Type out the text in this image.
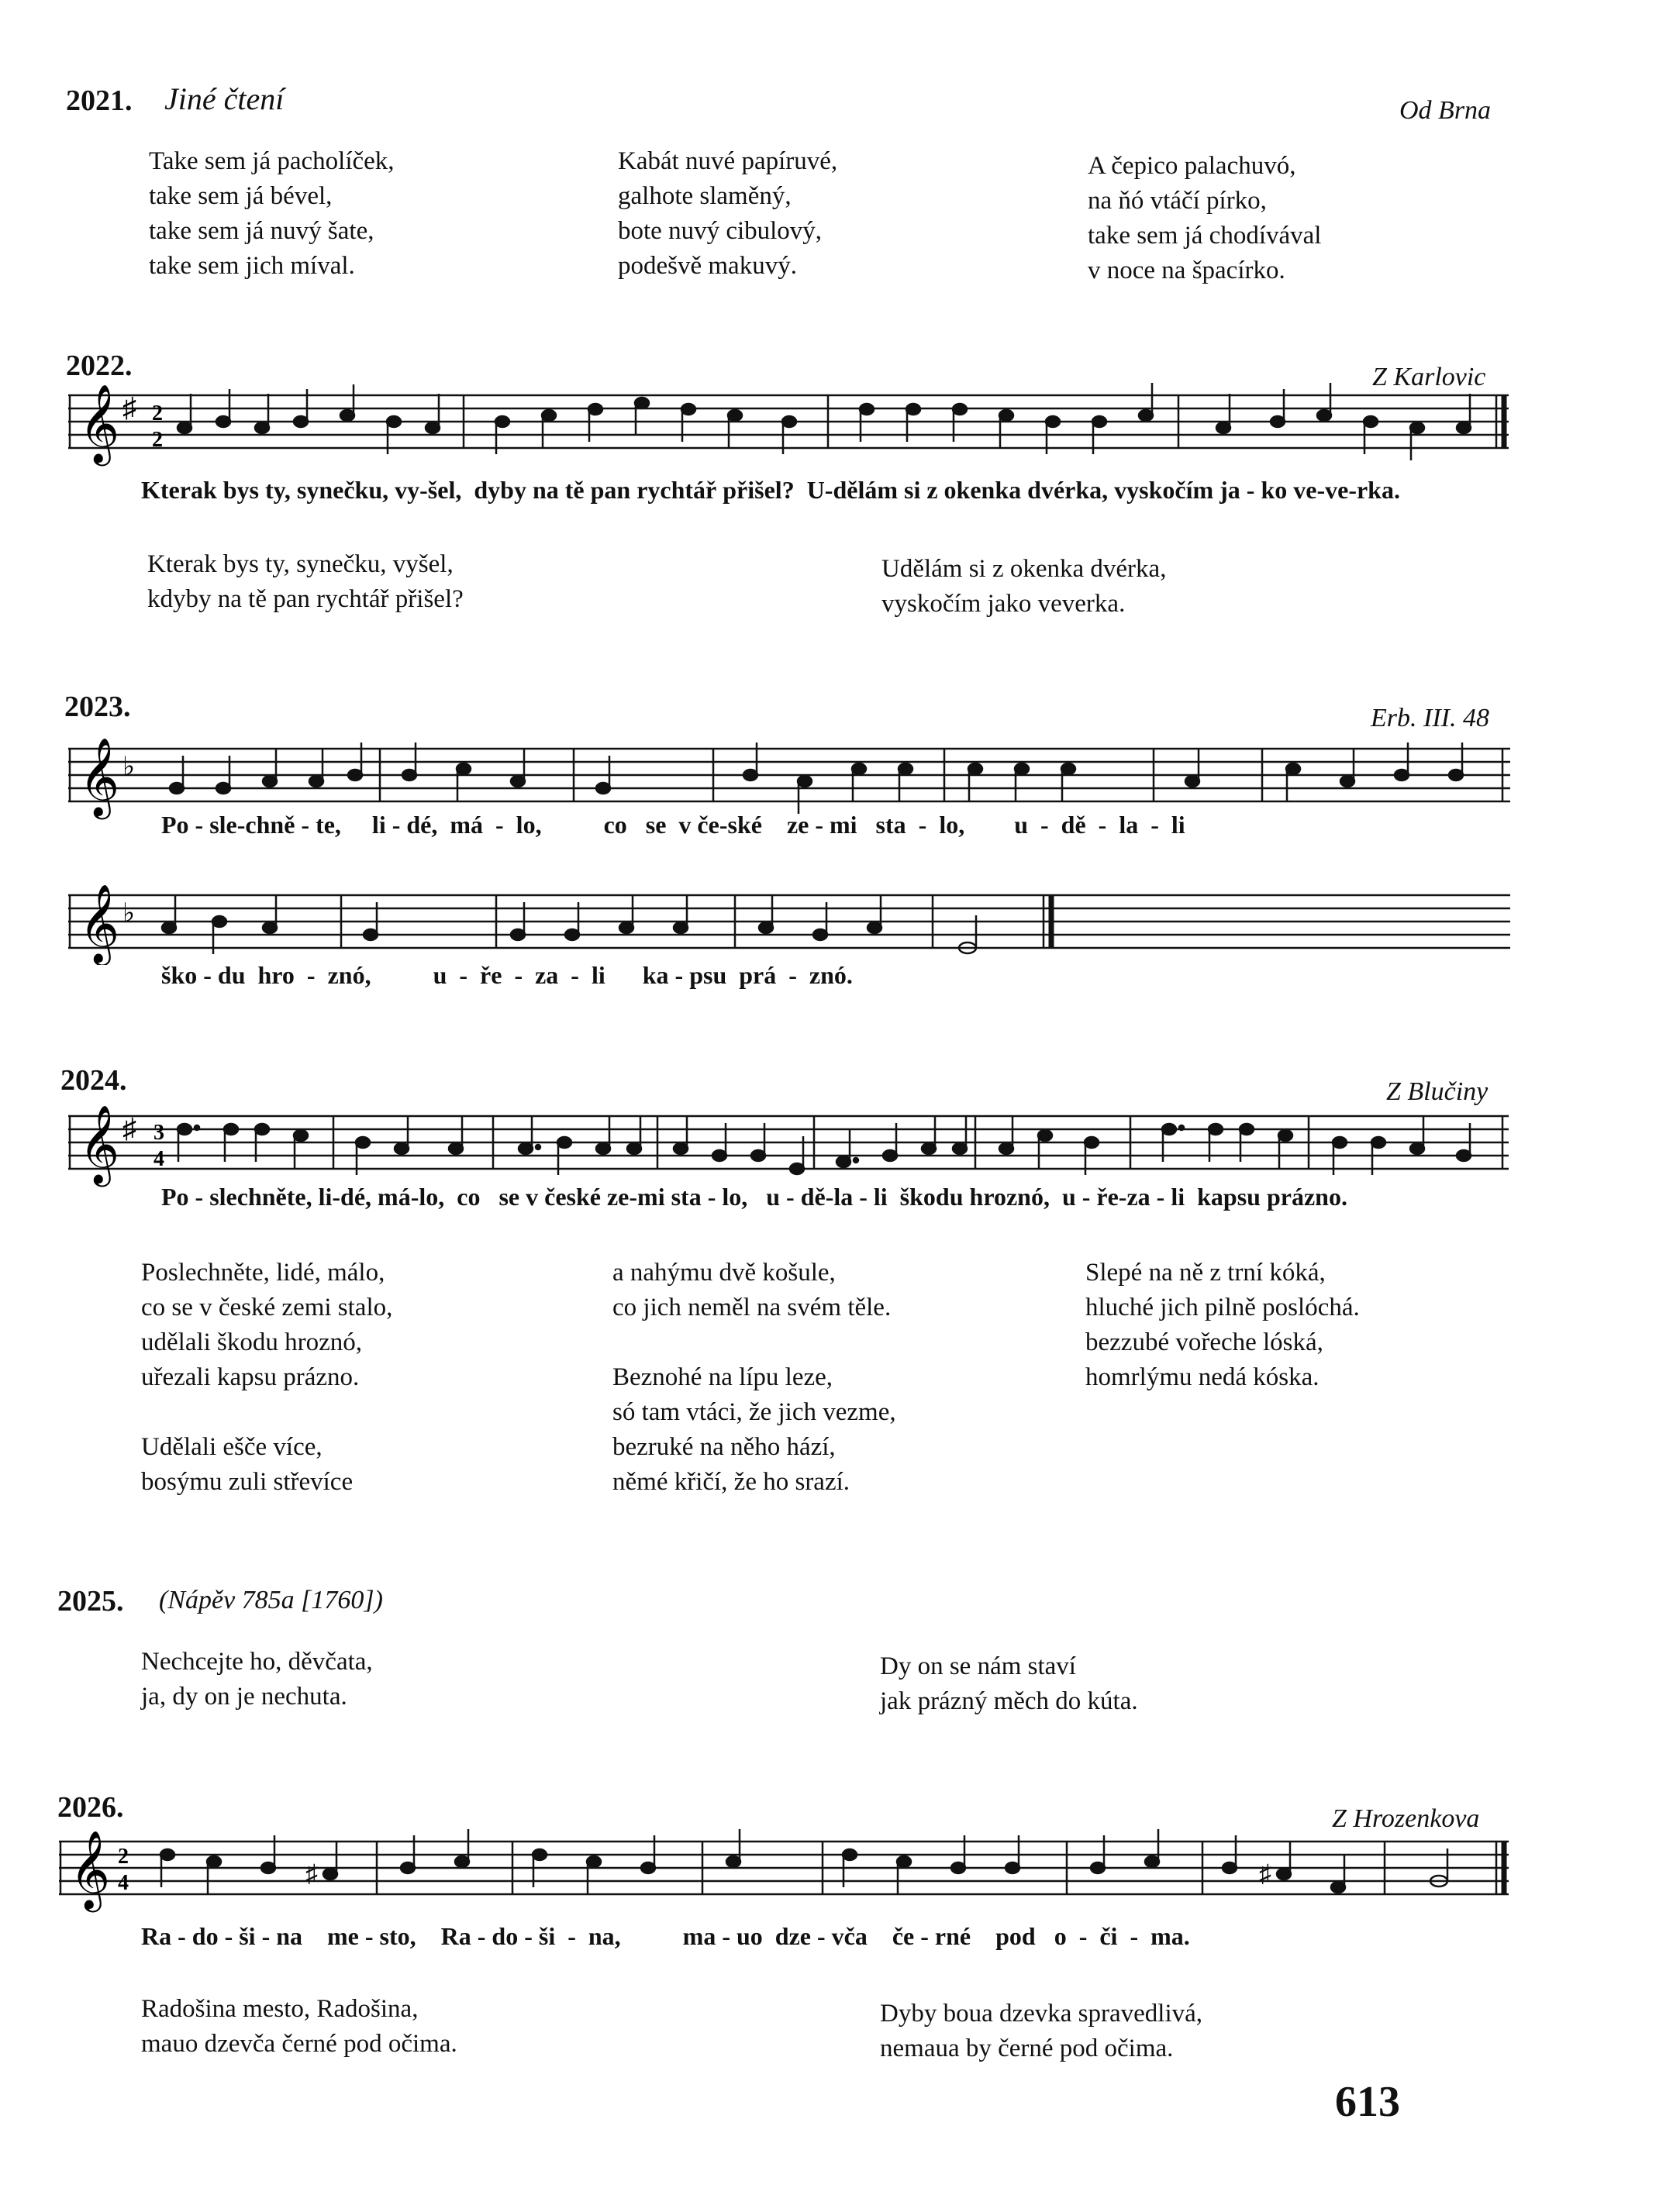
2021. Jiné čtení	Od Brna
Take sem já pacholíček,
take sem já bével,
take sem já nuvý šate,
take sem jich míval.
Kabát nuvé papíruvé,
galhote slaměný,
bote nuvý cibulový,
podešvě makuvý.
A čepico palachuvó,
na ňó vtáčí pírko,
take sem já chodívával
v noce na špacírko.
2022.	Z Karlovic
𝄞 ♯ 2
2
Kterak bys ty, synečku, vy-šel,  dyby na tě pan rychtář přišel?  U-dělám si z okenka dvérka, vyskočím ja - ko ve-ve-rka.
Kterak bys ty, synečku, vyšel,
kdyby na tě pan rychtář přišel?
Udělám si z okenka dvérka,
vyskočím jako veverka.
2023.	Erb. III. 48
𝄞 ♭
Po - sle-chně - te,     li - dé,  má  -  lo,          co   se  v če-ské    ze - mi   sta  -  lo,        u  -  dě  -  la  -  li
𝄞 ♭
ško - du  hro  -  znó,          u  -  ře  -  za  -  li      ka - psu  prá  -  znó.
2024.	Z Blučiny
𝄞 ♯ 3
4
Po - slechněte, li-dé, má-lo,  co   se v české ze-mi sta - lo,   u - dě-la - li  škodu hroznó,  u - ře-za - li  kapsu prázno.
Poslechněte, lidé, málo,
co se v české zemi stalo,
udělali škodu hroznó,
uřezali kapsu prázno.

Udělali ešče více,
bosýmu zuli střevíce
a nahýmu dvě košule,
co jich neměl na svém těle.

Beznohé na lípu leze,
só tam vtáci, že jich vezme,
bezruké na něho hází,
němé křičí, že ho srazí.
Slepé na ně z trní kóká,
hluché jich pilně poslóchá.
bezzubé vořeche lóská,
homrlýmu nedá kóska.
2025. (Nápěv 785a [1760])
Nechcejte ho, děvčata,
ja, dy on je nechuta.
Dy on se nám staví
jak prázný měch do kúta.
2026.	Z Hrozenkova
𝄞 2
4	♯	♯
Ra - do - ši - na    me - sto,    Ra - do - ši  -  na,          ma - uo  dze - vča    če - rné    pod   o  -  či  -  ma.
Radošina mesto, Radošina,
mauo dzevča černé pod očima.
Dyby boua dzevka spravedlivá,
nemaua by černé pod očima.
613
